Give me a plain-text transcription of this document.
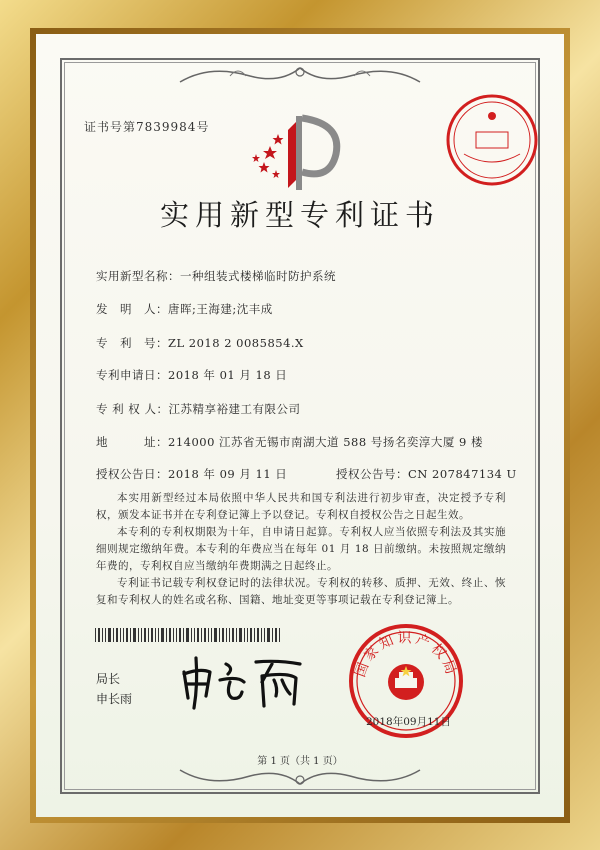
证书号第7839984号
实用新型专利证书
实用新型名称：一种组装式楼梯临时防护系统
发　明　人：唐晖;王海建;沈丰成
专　利　号：ZL 2018 2 0085854.X
专利申请日：2018 年 01 月 18 日
专 利 权 人：江苏精享裕建工有限公司
地　　　址：214000 江苏省无锡市南湖大道 588 号扬名奕淳大厦 9 楼
授权公告日：2018 年 09 月 11 日	授权公告号：CN 207847134 U
本实用新型经过本局依照中华人民共和国专利法进行初步审查，决定授予专利权，颁发本证书并在专利登记簿上予以登记。专利权自授权公告之日起生效。
本专利的专利权期限为十年，自申请日起算。专利权人应当依照专利法及其实施细则规定缴纳年费。本专利的年费应当在每年 01 月 18 日前缴纳。未按照规定缴纳年费的，专利权自应当缴纳年费期满之日起终止。
专利证书记载专利权登记时的法律状况。专利权的转移、质押、无效、终止、恢复和专利权人的姓名或名称、国籍、地址变更等事项记载在专利登记簿上。
局长
申长雨
国家知识产权局
2018年09月11日
第 1 页（共 1 页）
